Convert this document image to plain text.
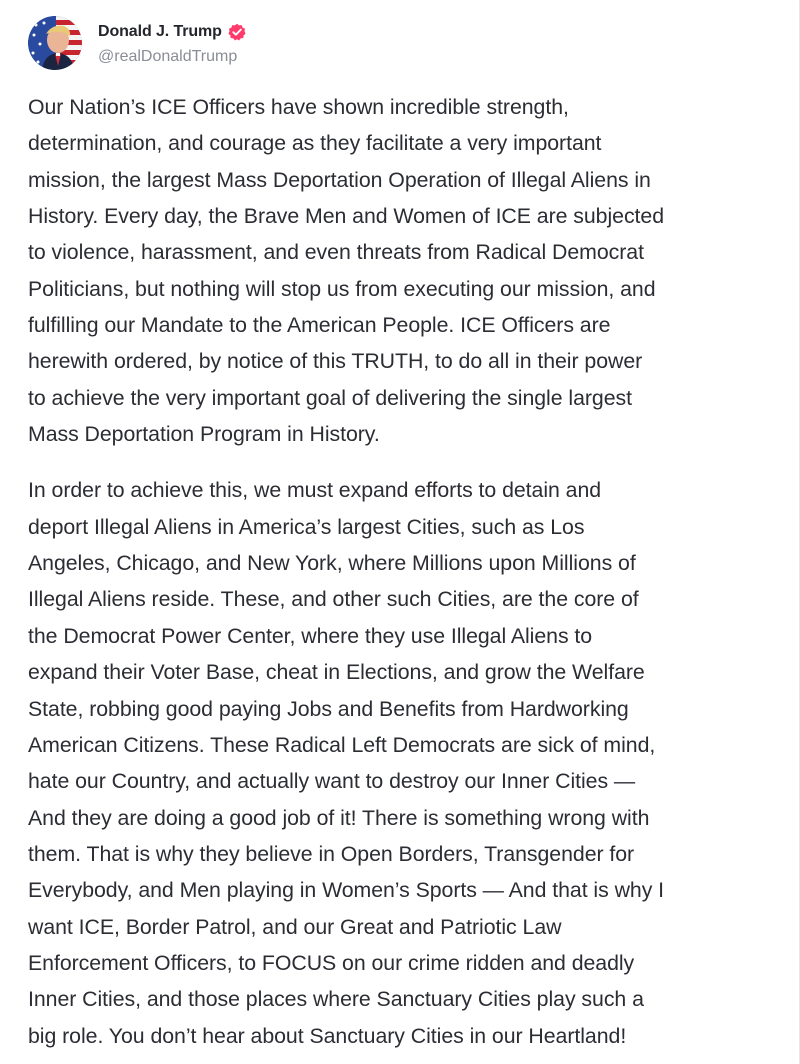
Donald J. Trump
@realDonaldTrump

Our Nation’s ICE Officers have shown incredible strength,
determination, and courage as they facilitate a very important
mission, the largest Mass Deportation Operation of Illegal Aliens in
History. Every day, the Brave Men and Women of ICE are subjected
to violence, harassment, and even threats from Radical Democrat
Politicians, but nothing will stop us from executing our mission, and
fulfilling our Mandate to the American People. ICE Officers are
herewith ordered, by notice of this TRUTH, to do all in their power
to achieve the very important goal of delivering the single largest
Mass Deportation Program in History.

In order to achieve this, we must expand efforts to detain and
deport Illegal Aliens in America’s largest Cities, such as Los
Angeles, Chicago, and New York, where Millions upon Millions of
Illegal Aliens reside. These, and other such Cities, are the core of
the Democrat Power Center, where they use Illegal Aliens to
expand their Voter Base, cheat in Elections, and grow the Welfare
State, robbing good paying Jobs and Benefits from Hardworking
American Citizens. These Radical Left Democrats are sick of mind,
hate our Country, and actually want to destroy our Inner Cities —
And they are doing a good job of it! There is something wrong with
them. That is why they believe in Open Borders, Transgender for
Everybody, and Men playing in Women’s Sports — And that is why I
want ICE, Border Patrol, and our Great and Patriotic Law
Enforcement Officers, to FOCUS on our crime ridden and deadly
Inner Cities, and those places where Sanctuary Cities play such a
big role. You don’t hear about Sanctuary Cities in our Heartland!
